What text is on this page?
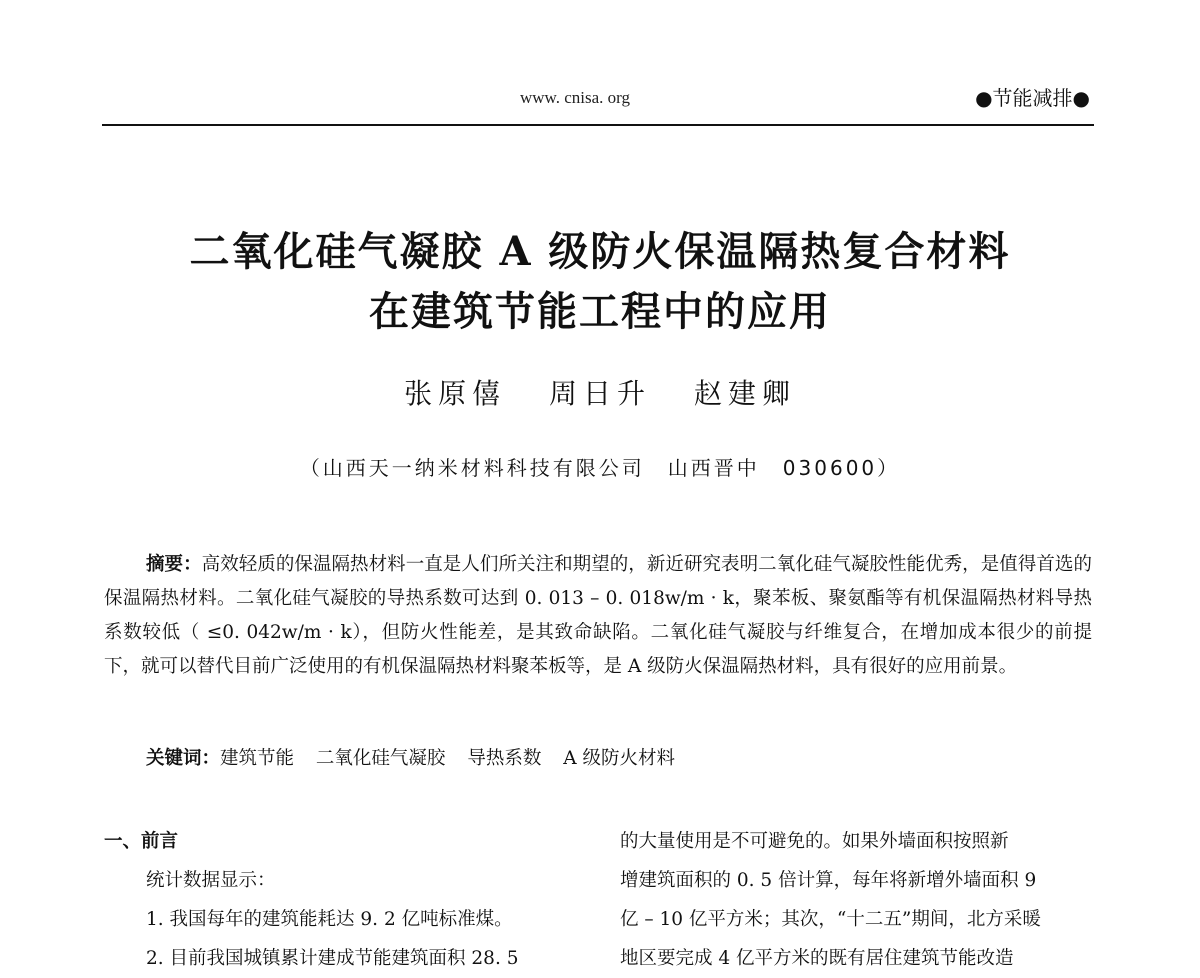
www. cnisa. org	●节能减排●
二氧化硅气凝胶 A 级防火保温隔热复合材料
在建筑节能工程中的应用
张原僖 周日升 赵建卿
（山西天一纳米材料科技有限公司　山西晋中　030600）
摘要：高效轻质的保温隔热材料一直是人们所关注和期望的，新近研究表明二氧化硅气凝胶性能优秀，是值得首选的保温隔热材料。二氧化硅气凝胶的导热系数可达到 0. 013 – 0. 018w/m · k，聚苯板、聚氨酯等有机保温隔热材料导热系数较低（ ≤0. 042w/m · k），但防火性能差，是其致命缺陷。二氧化硅气凝胶与纤维复合，在增加成本很少的前提下，就可以替代目前广泛使用的有机保温隔热材料聚苯板等，是 A 级防火保温隔热材料，具有很好的应用前景。
关键词：建筑节能 二氧化硅气凝胶 导热系数 A 级防火材料
一、前言
统计数据显示：
1. 我国每年的建筑能耗达 9. 2 亿吨标准煤。
2. 目前我国城镇累计建成节能建筑面积 28. 5
的大量使用是不可避免的。如果外墙面积按照新
增建筑面积的 0. 5 倍计算，每年将新增外墙面积 9
亿 – 10 亿平方米；其次，“十二五”期间，北方采暖
地区要完成 4 亿平方米的既有居住建筑节能改造
